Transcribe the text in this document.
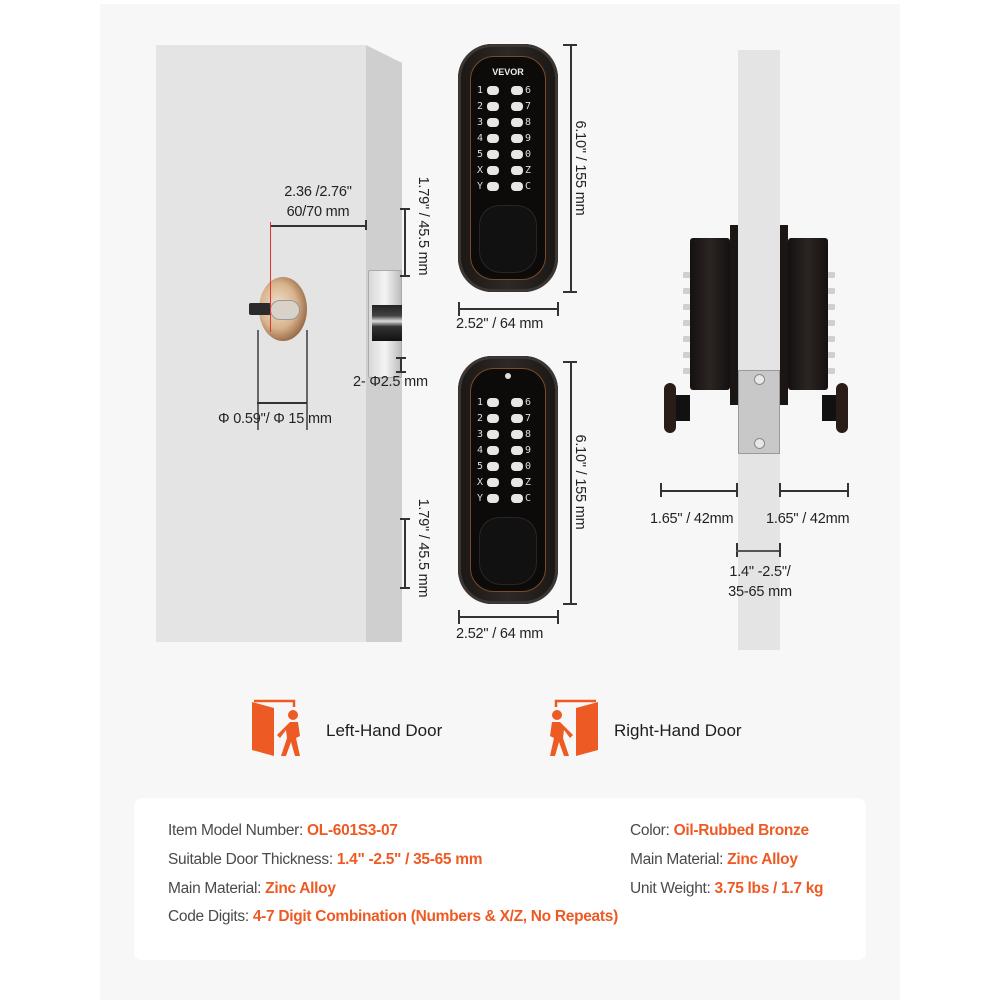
2.36 /2.76"
60/70 mm
Φ 0.59"/ Φ 15 mm
2- Φ2.5 mm
VEVOR
1	6
2	7
3	8
4	9
5	0
X	Z
Y	C	6.10" / 155 mm
1.79" / 45.5 mm
2.52" / 64 mm
1	6
2	7
3	8
4	9
5	0
X	Z
Y	C	6.10" / 155 mm
1.79" / 45.5 mm
2.52" / 64 mm
1.65" / 42mm 1.65" / 42mm
1.4" -2.5"/
35-65 mm
Left-Hand Door	Right-Hand Door
Item Model Number: OL-601S3-07
Suitable Door Thickness: 1.4" -2.5" / 35-65 mm
Main Material: Zinc Alloy
Code Digits: 4-7 Digit Combination (Numbers & X/Z, No Repeats)
Color: Oil-Rubbed Bronze
Main Material: Zinc Alloy
Unit Weight: 3.75 lbs / 1.7 kg
